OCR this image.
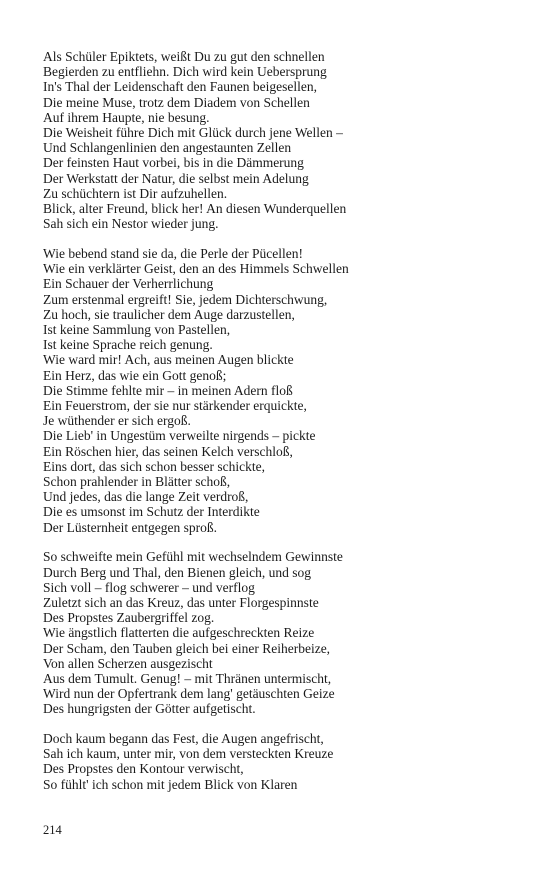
Als Schüler Epiktets, weißt Du zu gut den schnellen
Begierden zu entfliehn. Dich wird kein Uebersprung
In's Thal der Leidenschaft den Faunen beigesellen,
Die meine Muse, trotz dem Diadem von Schellen
Auf ihrem Haupte, nie besung.
Die Weisheit führe Dich mit Glück durch jene Wellen –
Und Schlangenlinien den angestaunten Zellen
Der feinsten Haut vorbei, bis in die Dämmerung
Der Werkstatt der Natur, die selbst mein Adelung
Zu schüchtern ist Dir aufzuhellen.
Blick, alter Freund, blick her! An diesen Wunderquellen
Sah sich ein Nestor wieder jung.
Wie bebend stand sie da, die Perle der Pücellen!
Wie ein verklärter Geist, den an des Himmels Schwellen
Ein Schauer der Verherrlichung
Zum erstenmal ergreift! Sie, jedem Dichterschwung,
Zu hoch, sie traulicher dem Auge darzustellen,
Ist keine Sammlung von Pastellen,
Ist keine Sprache reich genung.
Wie ward mir! Ach, aus meinen Augen blickte
Ein Herz, das wie ein Gott genoß;
Die Stimme fehlte mir – in meinen Adern floß
Ein Feuerstrom, der sie nur stärkender erquickte,
Je wüthender er sich ergoß.
Die Lieb' in Ungestüm verweilte nirgends – pickte
Ein Röschen hier, das seinen Kelch verschloß,
Eins dort, das sich schon besser schickte,
Schon prahlender in Blätter schoß,
Und jedes, das die lange Zeit verdroß,
Die es umsonst im Schutz der Interdikte
Der Lüsternheit entgegen sproß.
So schweifte mein Gefühl mit wechselndem Gewinnste
Durch Berg und Thal, den Bienen gleich, und sog
Sich voll – flog schwerer – und verflog
Zuletzt sich an das Kreuz, das unter Florgespinnste
Des Propstes Zaubergriffel zog.
Wie ängstlich flatterten die aufgeschreckten Reize
Der Scham, den Tauben gleich bei einer Reiherbeize,
Von allen Scherzen ausgezischt
Aus dem Tumult. Genug! – mit Thränen untermischt,
Wird nun der Opfertrank dem lang' getäuschten Geize
Des hungrigsten der Götter aufgetischt.
Doch kaum begann das Fest, die Augen angefrischt,
Sah ich kaum, unter mir, von dem versteckten Kreuze
Des Propstes den Kontour verwischt,
So fühlt' ich schon mit jedem Blick von Klaren
214
